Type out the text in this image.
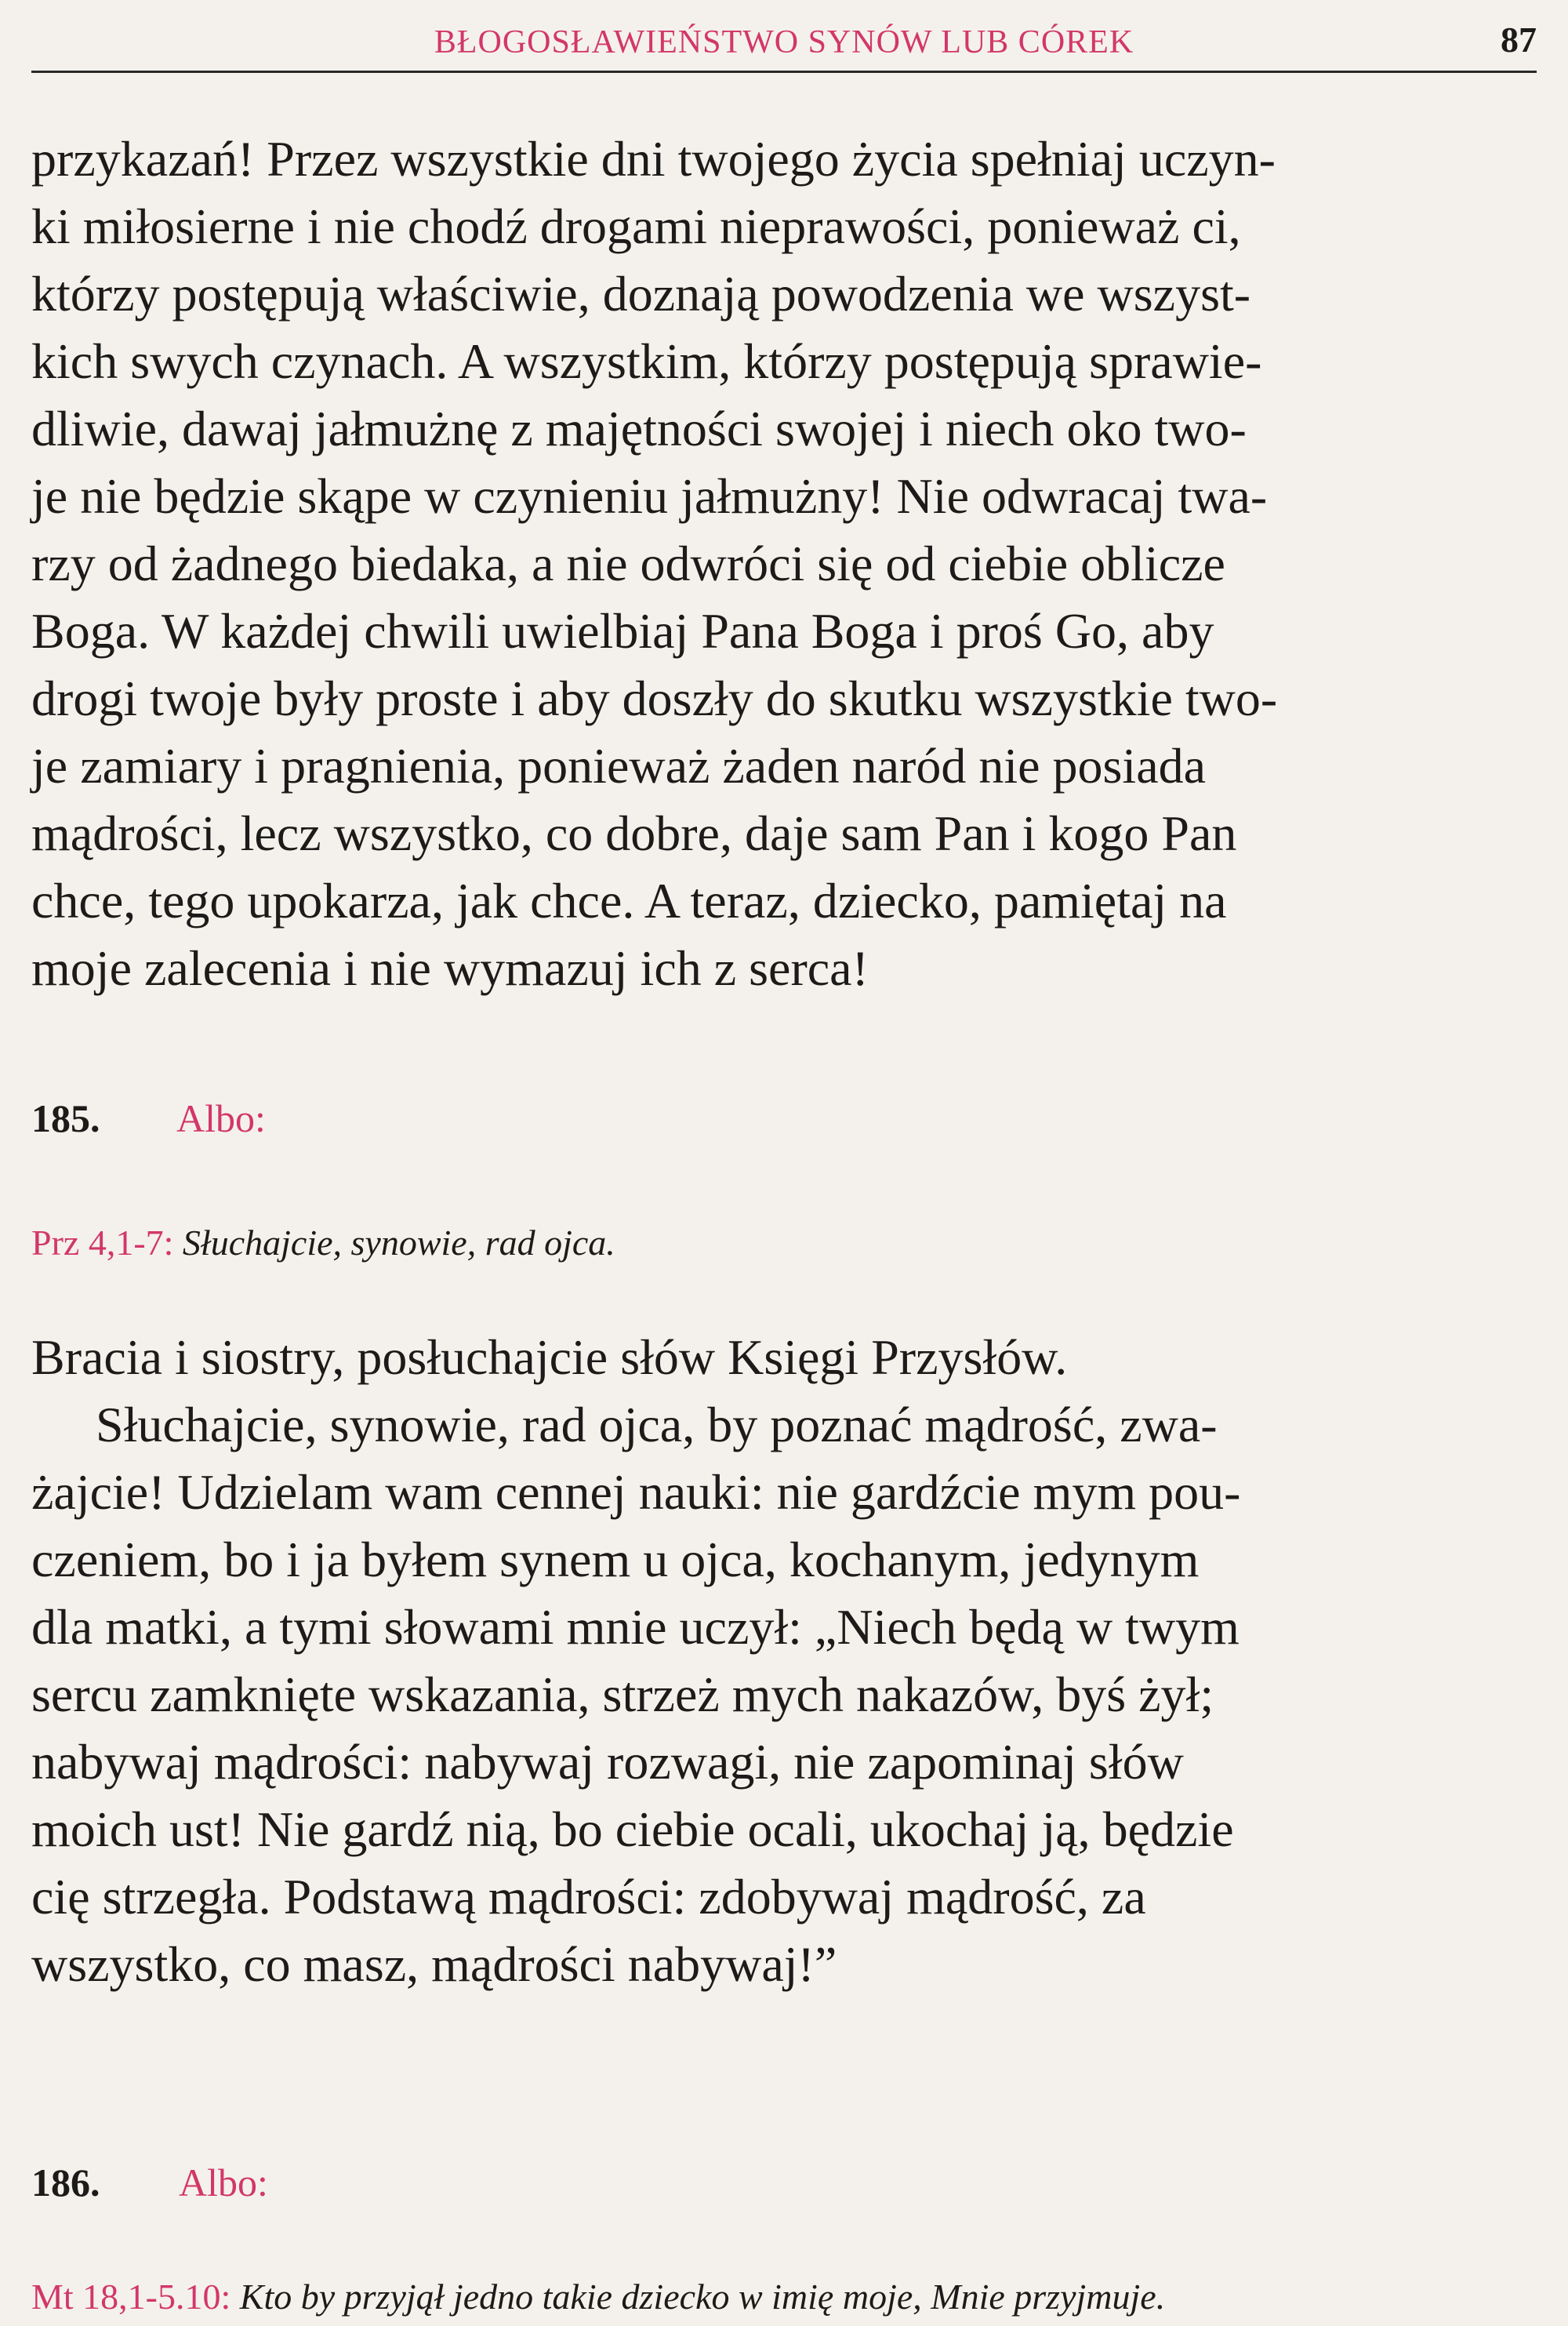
BŁOGOSŁAWIEŃSTWO SYNÓW LUB CÓREK	87
przykazań! Przez wszystkie dni twojego życia spełniaj uczyn-
ki miłosierne i nie chodź drogami nieprawości, ponieważ ci,
którzy postępują właściwie, doznają powodzenia we wszyst-
kich swych czynach. A wszystkim, którzy postępują sprawie-
dliwie, dawaj jałmużnę z majętności swojej i niech oko two-
je nie będzie skąpe w czynieniu jałmużny! Nie odwracaj twa-
rzy od żadnego biedaka, a nie odwróci się od ciebie oblicze
Boga. W każdej chwili uwielbiaj Pana Boga i proś Go, aby
drogi twoje były proste i aby doszły do skutku wszystkie two-
je zamiary i pragnienia, ponieważ żaden naród nie posiada
mądrości, lecz wszystko, co dobre, daje sam Pan i kogo Pan
chce, tego upokarza, jak chce. A teraz, dziecko, pamiętaj na
moje zalecenia i nie wymazuj ich z serca!
185. Albo:
Prz 4,1-7: Słuchajcie, synowie, rad ojca.
Bracia i siostry, posłuchajcie słów Księgi Przysłów.
Słuchajcie, synowie, rad ojca, by poznać mądrość, zwa-
żajcie! Udzielam wam cennej nauki: nie gardźcie mym pou-
czeniem, bo i ja byłem synem u ojca, kochanym, jedynym
dla matki, a tymi słowami mnie uczył: „Niech będą w twym
sercu zamknięte wskazania, strzeż mych nakazów, byś żył;
nabywaj mądrości: nabywaj rozwagi, nie zapominaj słów
moich ust! Nie gardź nią, bo ciebie ocali, ukochaj ją, będzie
cię strzegła. Podstawą mądrości: zdobywaj mądrość, za
wszystko, co masz, mądrości nabywaj!”
186. Albo:
Mt 18,1-5.10: Kto by przyjął jedno takie dziecko w imię moje, Mnie przyjmuje.
